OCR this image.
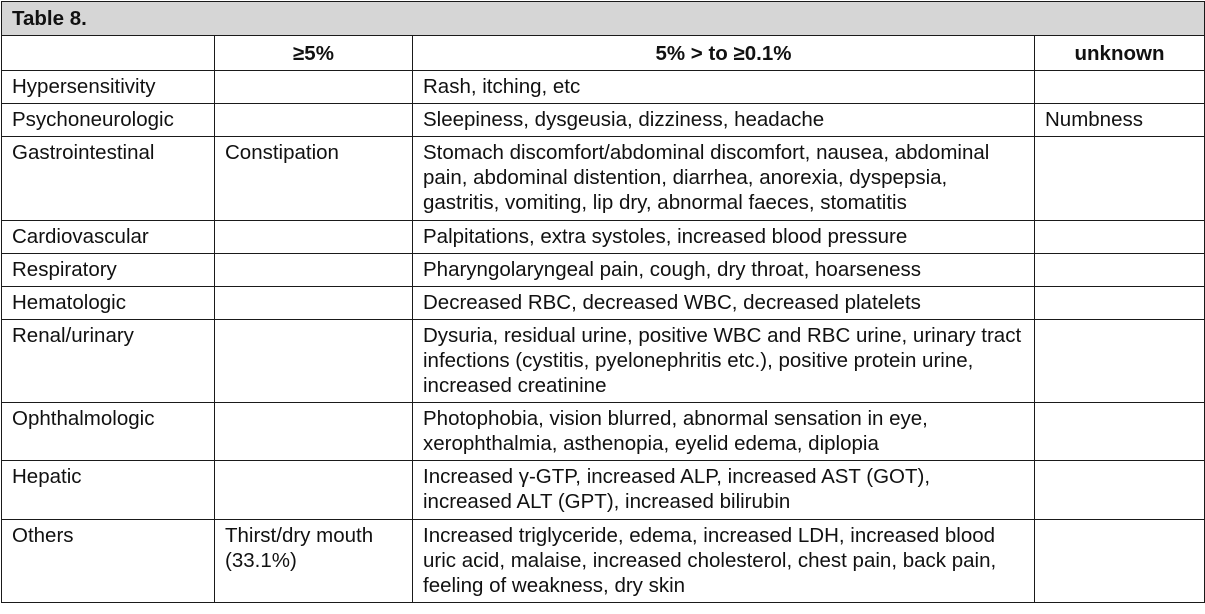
Table 8.			
	≥5%	5% > to ≥0.1%	unknown
Hypersensitivity		Rash, itching, etc	
Psychoneurologic		Sleepiness, dysgeusia, dizziness, headache	Numbness
Gastrointestinal	Constipation	Stomach discomfort/abdominal discomfort, nausea, abdominal pain, abdominal distention, diarrhea, anorexia, dyspepsia, gastritis, vomiting, lip dry, abnormal faeces, stomatitis	
Cardiovascular		Palpitations, extra systoles, increased blood pressure	
Respiratory		Pharyngolaryngeal pain, cough, dry throat, hoarseness	
Hematologic		Decreased RBC, decreased WBC, decreased platelets	
Renal/urinary		Dysuria, residual urine, positive WBC and RBC urine, urinary tract infections (cystitis, pyelonephritis etc.), positive protein urine, increased creatinine	
Ophthalmologic		Photophobia, vision blurred, abnormal sensation in eye, xerophthalmia, asthenopia, eyelid edema, diplopia	
Hepatic		Increased γ-GTP, increased ALP, increased AST (GOT), increased ALT (GPT), increased bilirubin	
Others	Thirst/dry mouth (33.1%)	Increased triglyceride, edema, increased LDH, increased blood uric acid, malaise, increased cholesterol, chest pain, back pain, feeling of weakness, dry skin	
